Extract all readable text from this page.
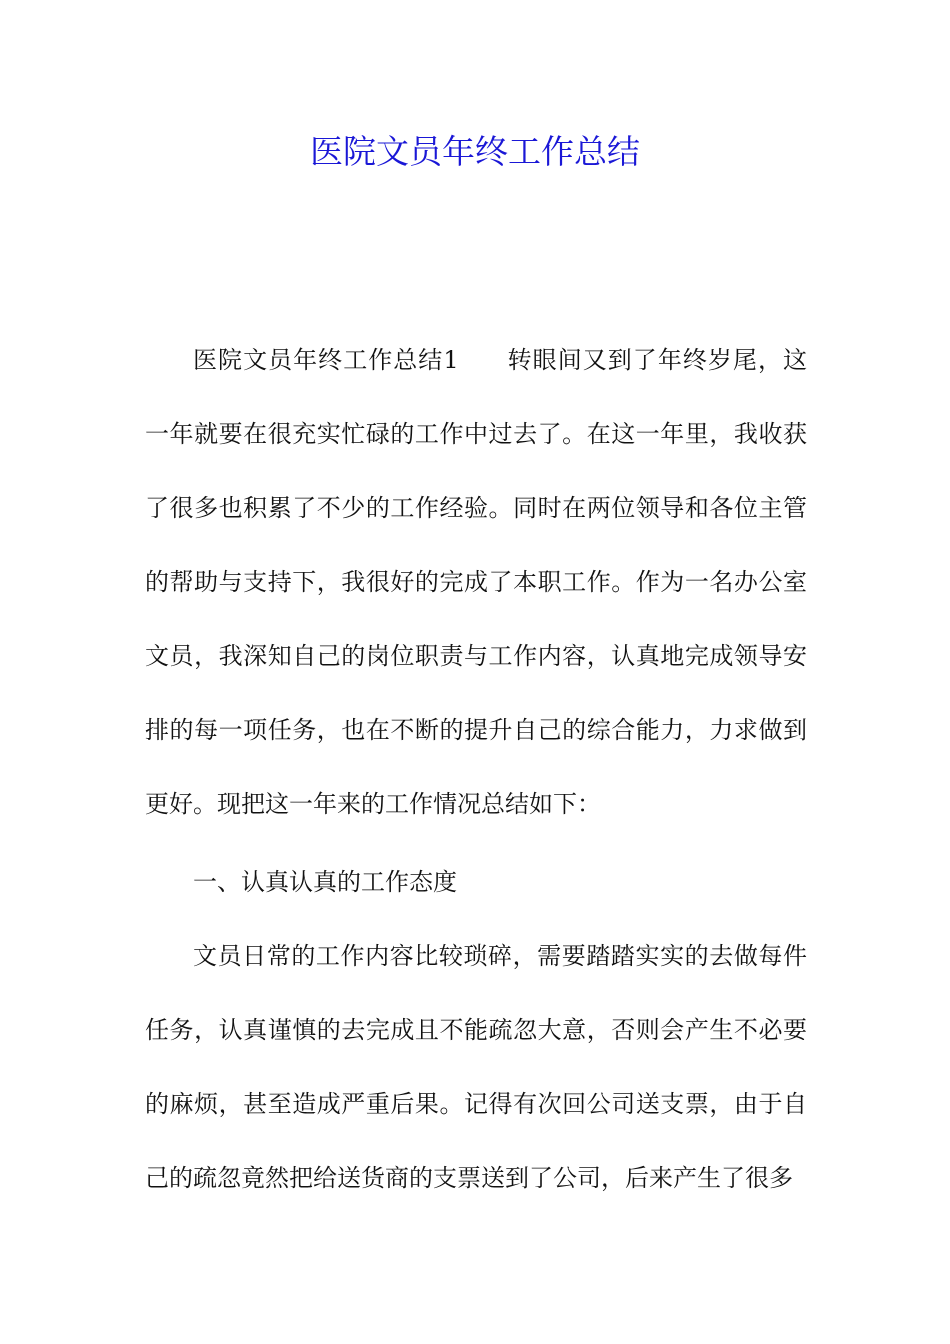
医院文员年终工作总结

医院文员年终工作总结1 转眼间又到了年终岁尾，这一年就要在很充实忙碌的工作中过去了。在这一年里，我收获了很多也积累了不少的工作经验。同时在两位领导和各位主管的帮助与支持下，我很好的完成了本职工作。作为一名办公室文员，我深知自己的岗位职责与工作内容，认真地完成领导安排的每一项任务，也在不断的提升自己的综合能力，力求做到更好。现把这一年来的工作情况总结如下：

一、认真认真的工作态度

文员日常的工作内容比较琐碎，需要踏踏实实的去做每件任务，认真谨慎的去完成且不能疏忽大意，否则会产生不必要的麻烦，甚至造成严重后果。记得有次回公司送支票，由于自己的疏忽竟然把给送货商的支票送到了公司，后来产生了很多
